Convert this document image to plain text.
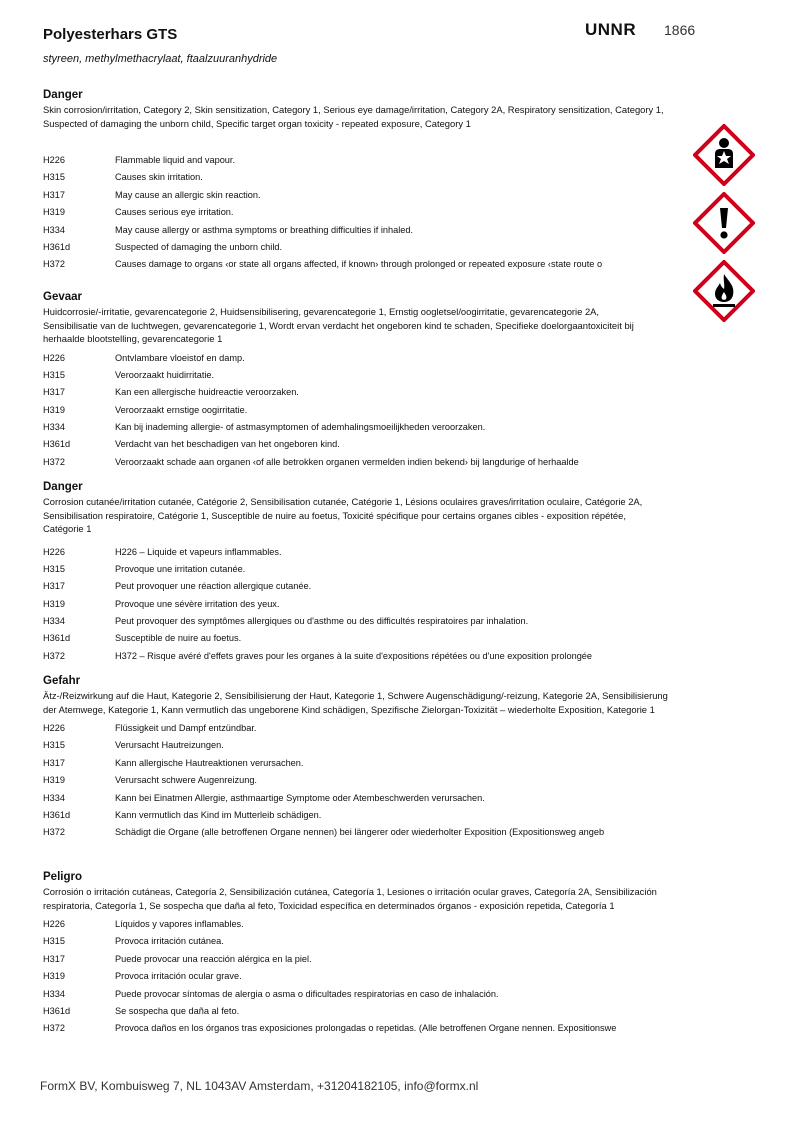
Polyesterhars GTS
styreen, methylmethacrylaat, ftaalzuuranhydride
UNNR 1866
Danger
Skin corrosion/irritation, Category 2, Skin sensitization, Category 1, Serious eye damage/irritation, Category 2A, Respiratory sensitization, Category 1, Suspected of damaging the unborn child, Specific target organ toxicity - repeated exposure, Category 1
H226	Flammable liquid and vapour.
H315	Causes skin irritation.
H317	May cause an allergic skin reaction.
H319	Causes serious eye irritation.
H334	May cause allergy or asthma symptoms or breathing difficulties if inhaled.
H361d	Suspected of damaging the unborn child.
H372	Causes damage to organs ‹or state all organs affected, if known› through prolonged or repeated exposure ‹state route o
Gevaar
Huidcorrosie/-irritatie, gevarencategorie 2, Huidsensibilisering, gevarencategorie 1, Ernstig oogletsel/oogirritatie, gevarencategorie 2A, Sensibilisatie van de luchtwegen, gevarencategorie 1, Wordt ervan verdacht het ongeboren kind te schaden, Specifieke doelorgaantoxiciteit bij herhaalde blootstelling, gevarencategorie 1
H226	Ontvlambare vloeistof en damp.
H315	Veroorzaakt huidirritatie.
H317	Kan een allergische huidreactie veroorzaken.
H319	Veroorzaakt ernstige oogirritatie.
H334	Kan bij inademing allergie- of astmasymptomen of ademhalingsmoeilijkheden veroorzaken.
H361d	Verdacht van het beschadigen van het ongeboren kind.
H372	Veroorzaakt schade aan organen ‹of alle betrokken organen vermelden indien bekend› bij langdurige of herhaalde
Danger
Corrosion cutanée/irritation cutanée, Catégorie 2, Sensibilisation cutanée, Catégorie 1, Lésions oculaires graves/irritation oculaire, Catégorie 2A, Sensibilisation respiratoire, Catégorie 1, Susceptible de nuire au foetus, Toxicité spécifique pour certains organes cibles - exposition répétée, Catégorie 1
H226	H226 – Liquide et vapeurs inflammables.
H315	Provoque une irritation cutanée.
H317	Peut provoquer une réaction allergique cutanée.
H319	Provoque une sévère irritation des yeux.
H334	Peut provoquer des symptômes allergiques ou d'asthme ou des difficultés respiratoires par inhalation.
H361d	Susceptible de nuire au foetus.
H372	H372 – Risque avéré d'effets graves pour les organes à la suite d'expositions répétées ou d'une exposition prolongée
Gefahr
Ätz-/Reizwirkung auf die Haut, Kategorie 2, Sensibilisierung der Haut, Kategorie 1, Schwere Augenschädigung/-reizung, Kategorie 2A, Sensibilisierung der Atemwege, Kategorie 1, Kann vermutlich das ungeborene Kind schädigen, Spezifische Zielorgan-Toxizität – wiederholte Exposition, Kategorie 1
H226	Flüssigkeit und Dampf entzündbar.
H315	Verursacht Hautreizungen.
H317	Kann allergische Hautreaktionen verursachen.
H319	Verursacht schwere Augenreizung.
H334	Kann bei Einatmen Allergie, asthmaartige Symptome oder Atembeschwerden verursachen.
H361d	Kann vermutlich das Kind im Mutterleib schädigen.
H372	Schädigt die Organe (alle betroffenen Organe nennen) bei längerer oder wiederholter Exposition (Expositionsweg angeb
Peligro
Corrosión o irritación cutáneas, Categoría 2, Sensibilización cutánea, Categoría 1, Lesiones o irritación ocular graves, Categoría 2A, Sensibilización respiratoria, Categoría 1, Se sospecha que daña al feto, Toxicidad específica en determinados órganos - exposición repetida, Categoría 1
H226	Líquidos y vapores inflamables.
H315	Provoca irritación cutánea.
H317	Puede provocar una reacción alérgica en la piel.
H319	Provoca irritación ocular grave.
H334	Puede provocar síntomas de alergia o asma o dificultades respiratorias en caso de inhalación.
H361d	Se sospecha que daña al feto.
H372	Provoca daños en los órganos tras exposiciones prolongadas o repetidas. (Alle betroffenen Organe nennen. Expositionswe
FormX BV, Kombuisweg 7, NL 1043AV Amsterdam, +31204182105, info@formx.nl
